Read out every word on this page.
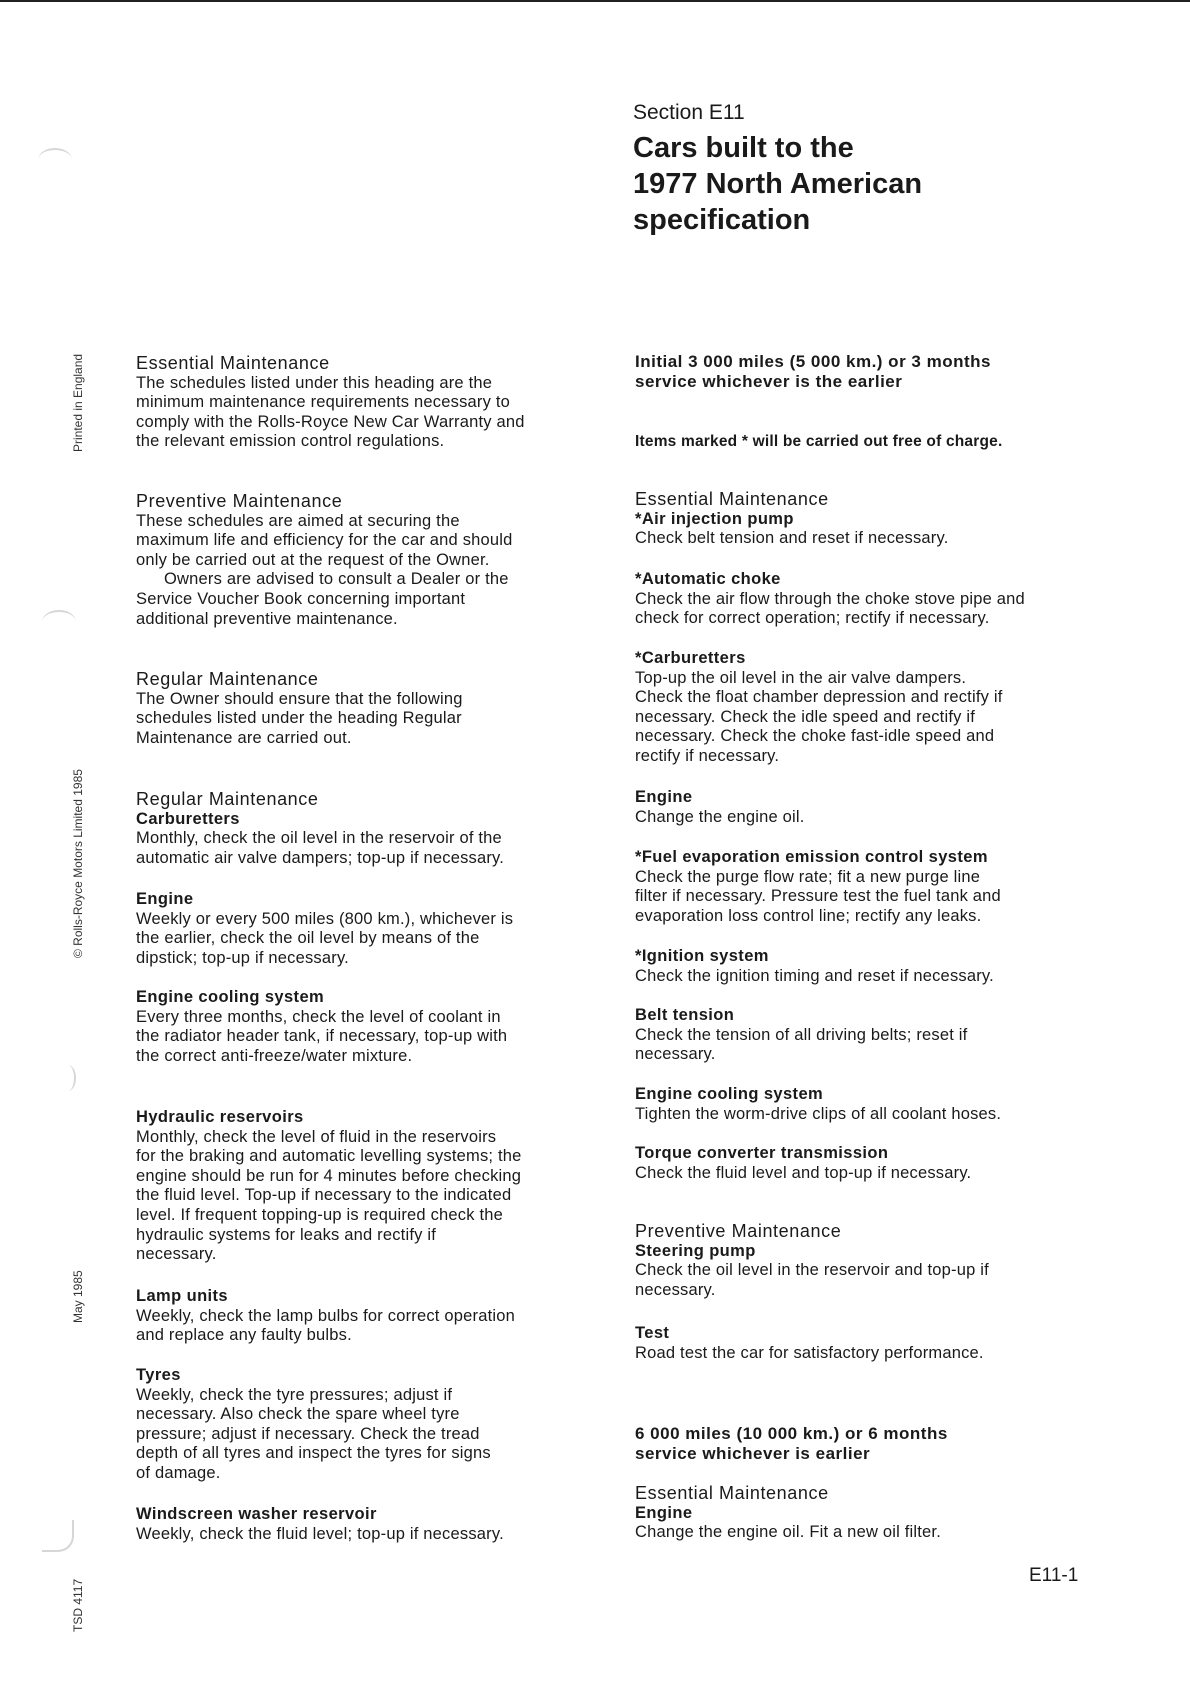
Printed in England
© Rolls-Royce Motors Limited 1985
May 1985
TSD 4117
Section E11
Cars built to the
1977 North American
specification
Essential Maintenance
The schedules listed under this heading are the
minimum maintenance requirements necessary to
comply with the Rolls-Royce New Car Warranty and
the relevant emission control regulations.
Preventive Maintenance
These schedules are aimed at securing the
maximum life and efficiency for the car and should
only be carried out at the request of the Owner.
Owners are advised to consult a Dealer or the
Service Voucher Book concerning important
additional preventive maintenance.
Regular Maintenance
The Owner should ensure that the following
schedules listed under the heading Regular
Maintenance are carried out.
Regular Maintenance
Carburetters
Monthly, check the oil level in the reservoir of the
automatic air valve dampers; top-up if necessary.
Engine
Weekly or every 500 miles (800 km.), whichever is
the earlier, check the oil level by means of the
dipstick; top-up if necessary.
Engine cooling system
Every three months, check the level of coolant in
the radiator header tank, if necessary, top-up with
the correct anti-freeze/water mixture.
Hydraulic reservoirs
Monthly, check the level of fluid in the reservoirs
for the braking and automatic levelling systems; the
engine should be run for 4 minutes before checking
the fluid level. Top-up if necessary to the indicated
level. If frequent topping-up is required check the
hydraulic systems for leaks and rectify if
necessary.
Lamp units
Weekly, check the lamp bulbs for correct operation
and replace any faulty bulbs.
Tyres
Weekly, check the tyre pressures; adjust if
necessary. Also check the spare wheel tyre
pressure; adjust if necessary. Check the tread
depth of all tyres and inspect the tyres for signs
of damage.
Windscreen washer reservoir
Weekly, check the fluid level; top-up if necessary.
Initial 3 000 miles (5 000 km.) or 3 months
service whichever is the earlier
Items marked * will be carried out free of charge.
Essential Maintenance
*Air injection pump
Check belt tension and reset if necessary.
*Automatic choke
Check the air flow through the choke stove pipe and
check for correct operation; rectify if necessary.
*Carburetters
Top-up the oil level in the air valve dampers.
Check the float chamber depression and rectify if
necessary. Check the idle speed and rectify if
necessary. Check the choke fast-idle speed and
rectify if necessary.
Engine
Change the engine oil.
*Fuel evaporation emission control system
Check the purge flow rate; fit a new purge line
filter if necessary. Pressure test the fuel tank and
evaporation loss control line; rectify any leaks.
*Ignition system
Check the ignition timing and reset if necessary.
Belt tension
Check the tension of all driving belts; reset if
necessary.
Engine cooling system
Tighten the worm-drive clips of all coolant hoses.
Torque converter transmission
Check the fluid level and top-up if necessary.
Preventive Maintenance
Steering pump
Check the oil level in the reservoir and top-up if
necessary.
Test
Road test the car for satisfactory performance.
6 000 miles (10 000 km.) or 6 months
service whichever is earlier
Essential Maintenance
Engine
Change the engine oil. Fit a new oil filter.
E11-1
